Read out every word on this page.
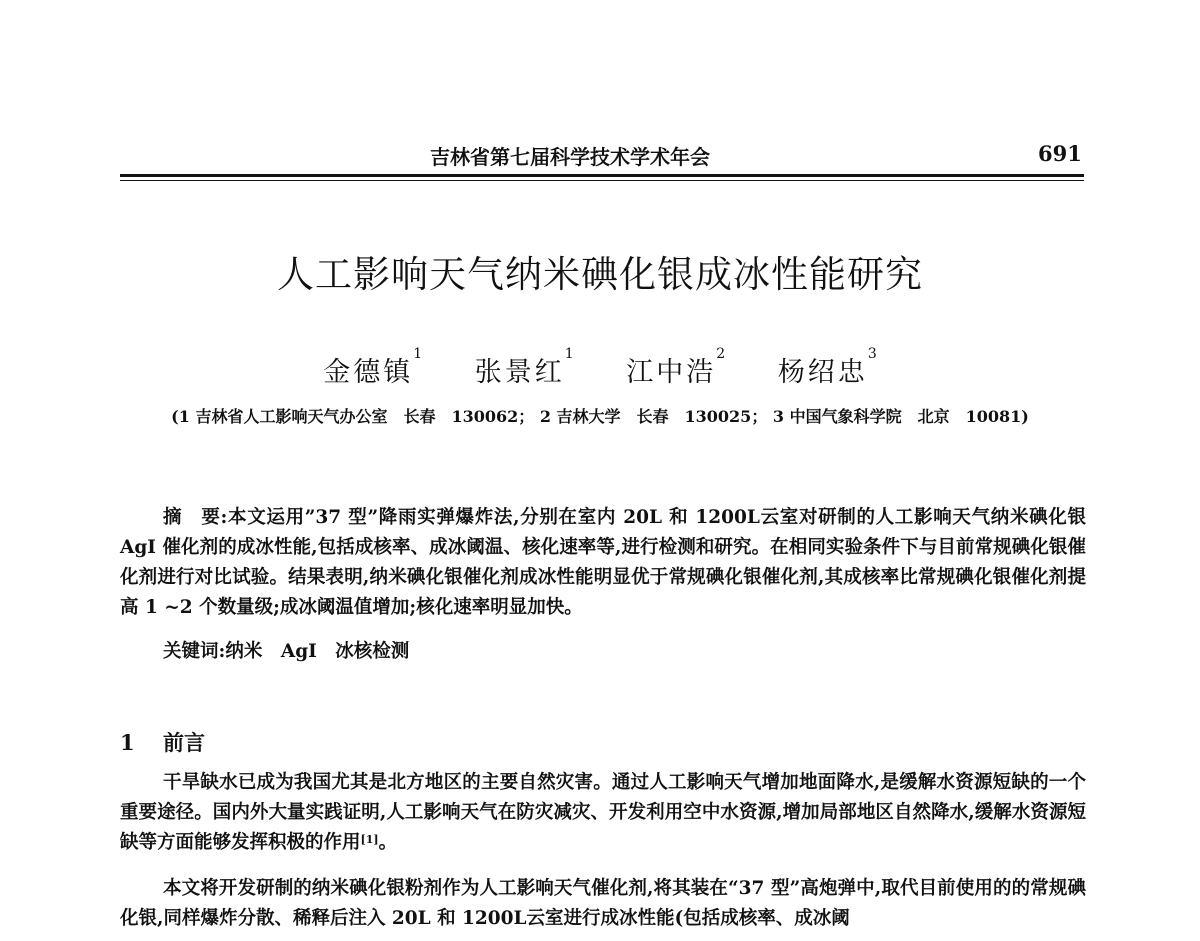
吉林省第七届科学技术学术年会	691
人工影响天气纳米碘化银成冰性能研究
金德镇$^1$ 张景红$^1$ 江中浩$^2$ 杨绍忠$^3$
(1 吉林省人工影响天气办公室　长春　130062； 2 吉林大学　长春　130025； 3 中国气象科学院　北京　10081)
摘　要:本文运用”37 型”降雨实弹爆炸法,分别在室内 20L 和 1200L云室对研制的人工影响天气纳米碘化银 AgI 催化剂的成冰性能,包括成核率、成冰阈温、核化速率等,进行检测和研究。在相同实验条件下与目前常规碘化银催化剂进行对比试验。结果表明,纳米碘化银催化剂成冰性能明显优于常规碘化银催化剂,其成核率比常规碘化银催化剂提高 1 ~2 个数量级;成冰阈温值增加;核化速率明显加快。
关键词:纳米　AgI　冰核检测
1 前言
干旱缺水已成为我国尤其是北方地区的主要自然灾害。通过人工影响天气增加地面降水,是缓解水资源短缺的一个重要途径。国内外大量实践证明,人工影响天气在防灾减灾、开发利用空中水资源,增加局部地区自然降水,缓解水资源短缺等方面能够发挥积极的作用[1]。
本文将开发研制的纳米碘化银粉剂作为人工影响天气催化剂,将其装在“37 型”高炮弹中,取代目前使用的的常规碘化银,同样爆炸分散、稀释后注入 20L 和 1200L云室进行成冰性能(包括成核率、成冰阈
